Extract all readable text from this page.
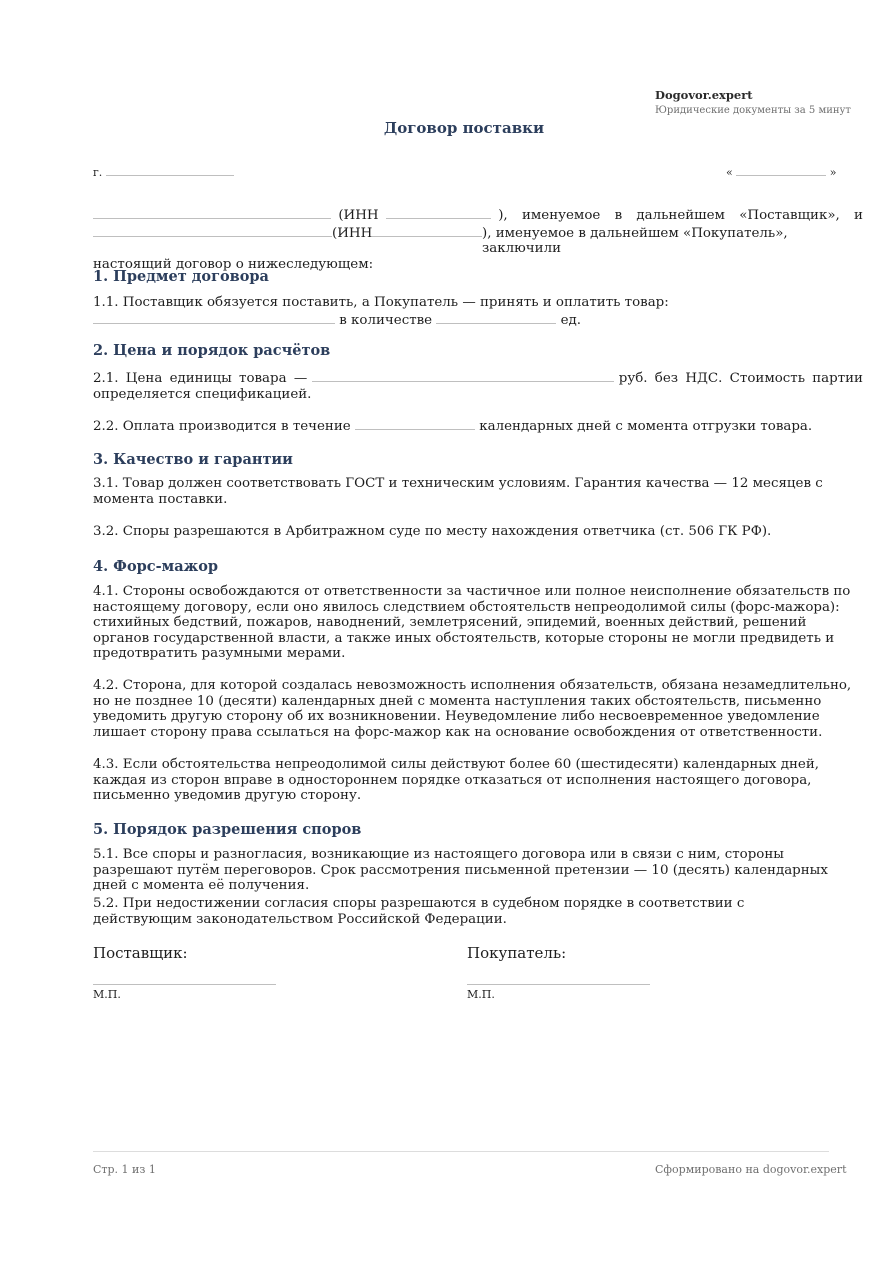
Dogovor.expert
Юридические документы за 5 минут
Договор поставки
г.	«	»
(ИНН	), именуемое в дальнейшем «Поставщик», и
(ИНН	), именуемое в дальнейшем «Покупатель», заключили
настоящий договор о нижеследующем:
1. Предмет договора
1.1. Поставщик обязуется поставить, а Покупатель — принять и оплатить товар:
в количестве	ед.
2. Цена и порядок расчётов
2.1. Цена единицы товара —	руб. без НДС. Стоимость партии
определяется спецификацией.
2.2. Оплата производится в течение	календарных дней с момента отгрузки товара.
3. Качество и гарантии
3.1. Товар должен соответствовать ГОСТ и техническим условиям. Гарантия качества — 12 месяцев с момента поставки.
3.2. Споры разрешаются в Арбитражном суде по месту нахождения ответчика (ст. 506 ГК РФ).
4. Форс-мажор
4.1. Стороны освобождаются от ответственности за частичное или полное неисполнение обязательств по настоящему договору, если оно явилось следствием обстоятельств непреодолимой силы (форс-мажора): стихийных бедствий, пожаров, наводнений, землетрясений, эпидемий, военных действий, решений органов государственной власти, а также иных обстоятельств, которые стороны не могли предвидеть и предотвратить разумными мерами.
4.2. Сторона, для которой создалась невозможность исполнения обязательств, обязана незамедлительно, но не позднее 10 (десяти) календарных дней с момента наступления таких обстоятельств, письменно уведомить другую сторону об их возникновении. Неуведомление либо несвоевременное уведомление лишает сторону права ссылаться на форс-мажор как на основание освобождения от ответственности.
4.3. Если обстоятельства непреодолимой силы действуют более 60 (шестидесяти) календарных дней, каждая из сторон вправе в одностороннем порядке отказаться от исполнения настоящего договора, письменно уведомив другую сторону.
5. Порядок разрешения споров
5.1. Все споры и разногласия, возникающие из настоящего договора или в связи с ним, стороны разрешают путём переговоров. Срок рассмотрения письменной претензии — 10 (десять) календарных дней с момента её получения.
5.2. При недостижении согласия споры разрешаются в судебном порядке в соответствии с действующим законодательством Российской Федерации.
Поставщик:	Покупатель:
М.П.	М.П.
Стр. 1 из 1	Сформировано на dogovor.expert
